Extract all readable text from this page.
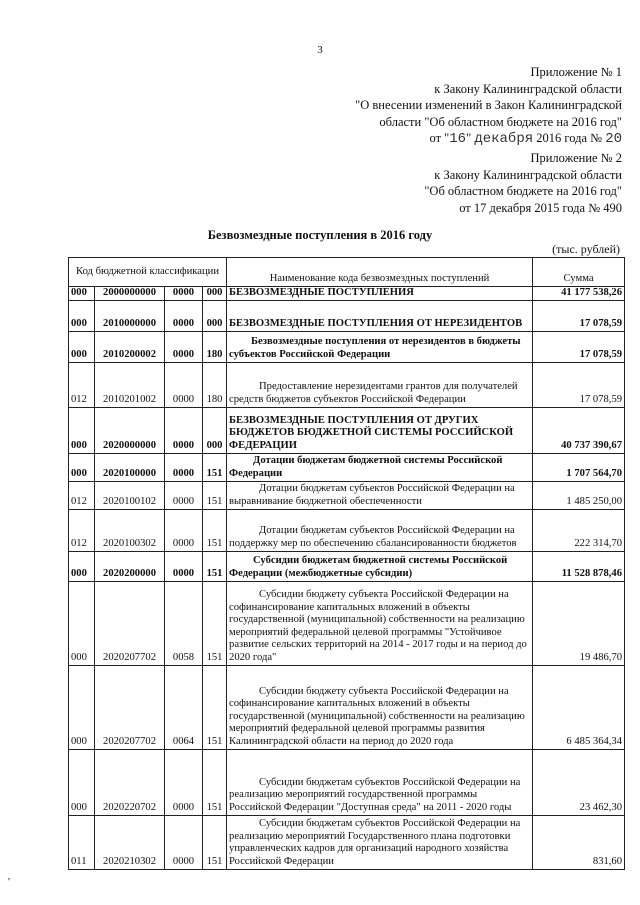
3
Приложение № 1
к Закону Калининградской области
"О внесении изменений в Закон Калининградской
области "Об областном бюджете на 2016 год"
от "16" декабря 2016 года № 20
Приложение № 2
к Закону Калининградской области
"Об областном бюджете на 2016 год"
от 17 декабря 2015 года № 490
Безвозмездные поступления в 2016 году
(тыс. рублей)
Код бюджетной классификации				Наименование кода безвозмездных поступлений	Сумма
000	2000000000	0000	000	БЕЗВОЗМЕЗДНЫЕ ПОСТУПЛЕНИЯ	41 177 538,26
000	2010000000	0000	000	БЕЗВОЗМЕЗДНЫЕ ПОСТУПЛЕНИЯ ОТ НЕРЕЗИДЕНТОВ	17 078,59
000	2010200002	0000	180	Безвозмездные поступления от нерезидентов в бюджеты субъектов Российской Федерации	17 078,59
012	2010201002	0000	180	Предоставление нерезидентами грантов для получателей средств бюджетов субъектов Российской Федерации	17 078,59
000	2020000000	0000	000	БЕЗВОЗМЕЗДНЫЕ ПОСТУПЛЕНИЯ ОТ ДРУГИХ БЮДЖЕТОВ БЮДЖЕТНОЙ СИСТЕМЫ РОССИЙСКОЙ ФЕДЕРАЦИИ	40 737 390,67
000	2020100000	0000	151	Дотации бюджетам бюджетной системы Российской Федерации	1 707 564,70
012	2020100102	0000	151	Дотации бюджетам субъектов Российской Федерации на выравнивание бюджетной обеспеченности	1 485 250,00
012	2020100302	0000	151	Дотации бюджетам субъектов Российской Федерации на поддержку мер по обеспечению сбалансированности бюджетов	222 314,70
000	2020200000	0000	151	Субсидии бюджетам бюджетной системы Российской Федерации (межбюджетные субсидии)	11 528 878,46
000	2020207702	0058	151	Субсидии бюджету субъекта Российской Федерации на софинансирование капитальных вложений в объекты государственной (муниципальной) собственности на реализацию мероприятий федеральной целевой программы "Устойчивое развитие сельских территорий на 2014 - 2017 годы и на период до 2020 года"	19 486,70
000	2020207702	0064	151	Субсидии бюджету субъекта Российской Федерации на софинансирование капитальных вложений в объекты государственной (муниципальной) собственности на реализацию мероприятий федеральной целевой программы развития Калининградской области на период до 2020 года	6 485 364,34
000	2020220702	0000	151	Субсидии бюджетам субъектов Российской Федерации на реализацию мероприятий государственной программы Российской Федерации "Доступная среда" на 2011 - 2020 годы	23 462,30
011	2020210302	0000	151	Субсидии бюджетам субъектов Российской Федерации на реализацию мероприятий Государственного плана подготовки управленческих кадров для организаций народного хозяйства Российской Федерации	831,60
'
